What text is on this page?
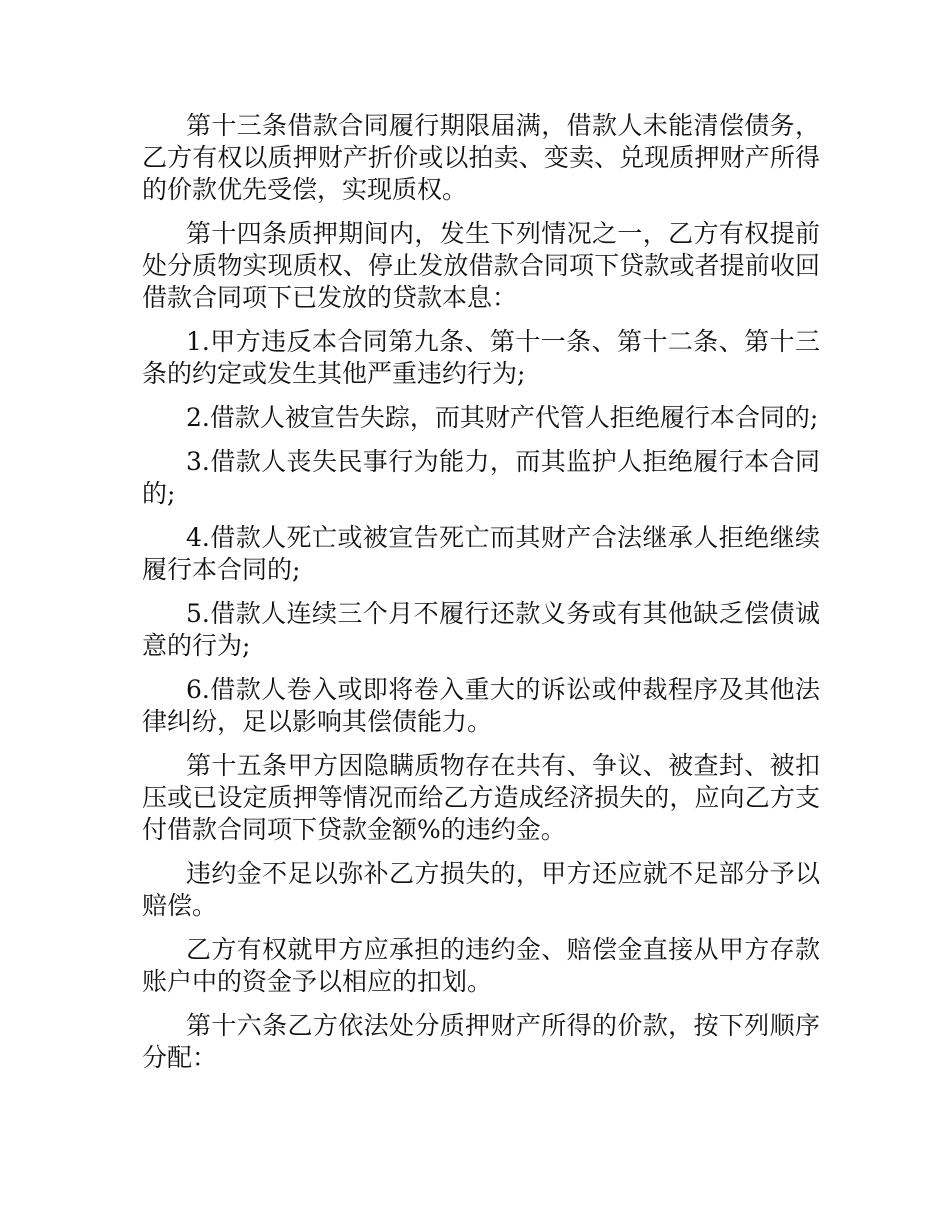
第十三条借款合同履行期限届满，借款人未能清偿债务，乙方有权以质押财产折价或以拍卖、变卖、兑现质押财产所得的价款优先受偿，实现质权。

第十四条质押期间内，发生下列情况之一，乙方有权提前处分质物实现质权、停止发放借款合同项下贷款或者提前收回借款合同项下已发放的贷款本息：

1.甲方违反本合同第九条、第十一条、第十二条、第十三条的约定或发生其他严重违约行为;

2.借款人被宣告失踪，而其财产代管人拒绝履行本合同的;

3.借款人丧失民事行为能力，而其监护人拒绝履行本合同的;

4.借款人死亡或被宣告死亡而其财产合法继承人拒绝继续履行本合同的;

5.借款人连续三个月不履行还款义务或有其他缺乏偿债诚意的行为;

6.借款人卷入或即将卷入重大的诉讼或仲裁程序及其他法律纠纷，足以影响其偿债能力。

第十五条甲方因隐瞒质物存在共有、争议、被查封、被扣压或已设定质押等情况而给乙方造成经济损失的，应向乙方支付借款合同项下贷款金额%的违约金。

违约金不足以弥补乙方损失的，甲方还应就不足部分予以赔偿。

乙方有权就甲方应承担的违约金、赔偿金直接从甲方存款账户中的资金予以相应的扣划。

第十六条乙方依法处分质押财产所得的价款，按下列顺序分配：
